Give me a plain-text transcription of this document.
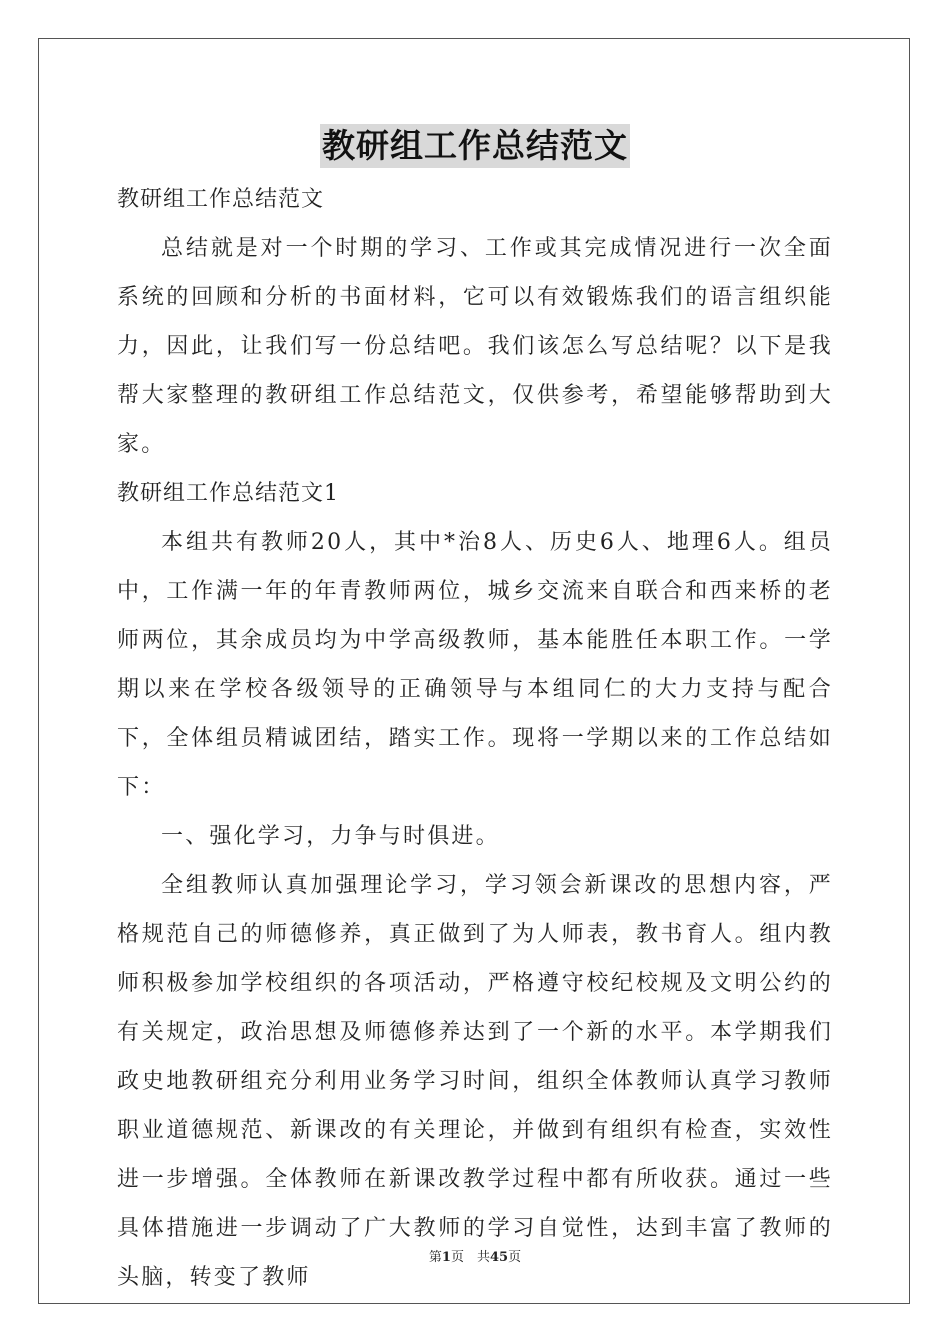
教研组工作总结范文

教研组工作总结范文

总结就是对一个时期的学习、工作或其完成情况进行一次全面系统的回顾和分析的书面材料，它可以有效锻炼我们的语言组织能力，因此，让我们写一份总结吧。我们该怎么写总结呢？以下是我帮大家整理的教研组工作总结范文，仅供参考，希望能够帮助到大家。

教研组工作总结范文1

本组共有教师20人，其中*治8人、历史6人、地理6人。组员中，工作满一年的年青教师两位，城乡交流来自联合和西来桥的老师两位，其余成员均为中学高级教师，基本能胜任本职工作。一学期以来在学校各级领导的正确领导与本组同仁的大力支持与配合下，全体组员精诚团结，踏实工作。现将一学期以来的工作总结如下：

一、强化学习，力争与时俱进。

全组教师认真加强理论学习，学习领会新课改的思想内容，严格规范自己的师德修养，真正做到了为人师表，教书育人。组内教师积极参加学校组织的各项活动，严格遵守校纪校规及文明公约的有关规定，政治思想及师德修养达到了一个新的水平。本学期我们政史地教研组充分利用业务学习时间，组织全体教师认真学习教师职业道德规范、新课改的有关理论，并做到有组织有检查，实效性进一步增强。全体教师在新课改教学过程中都有所收获。通过一些具体措施进一步调动了广大教师的学习自觉性，达到丰富了教师的头脑，转变了教师

第1页　共45页
